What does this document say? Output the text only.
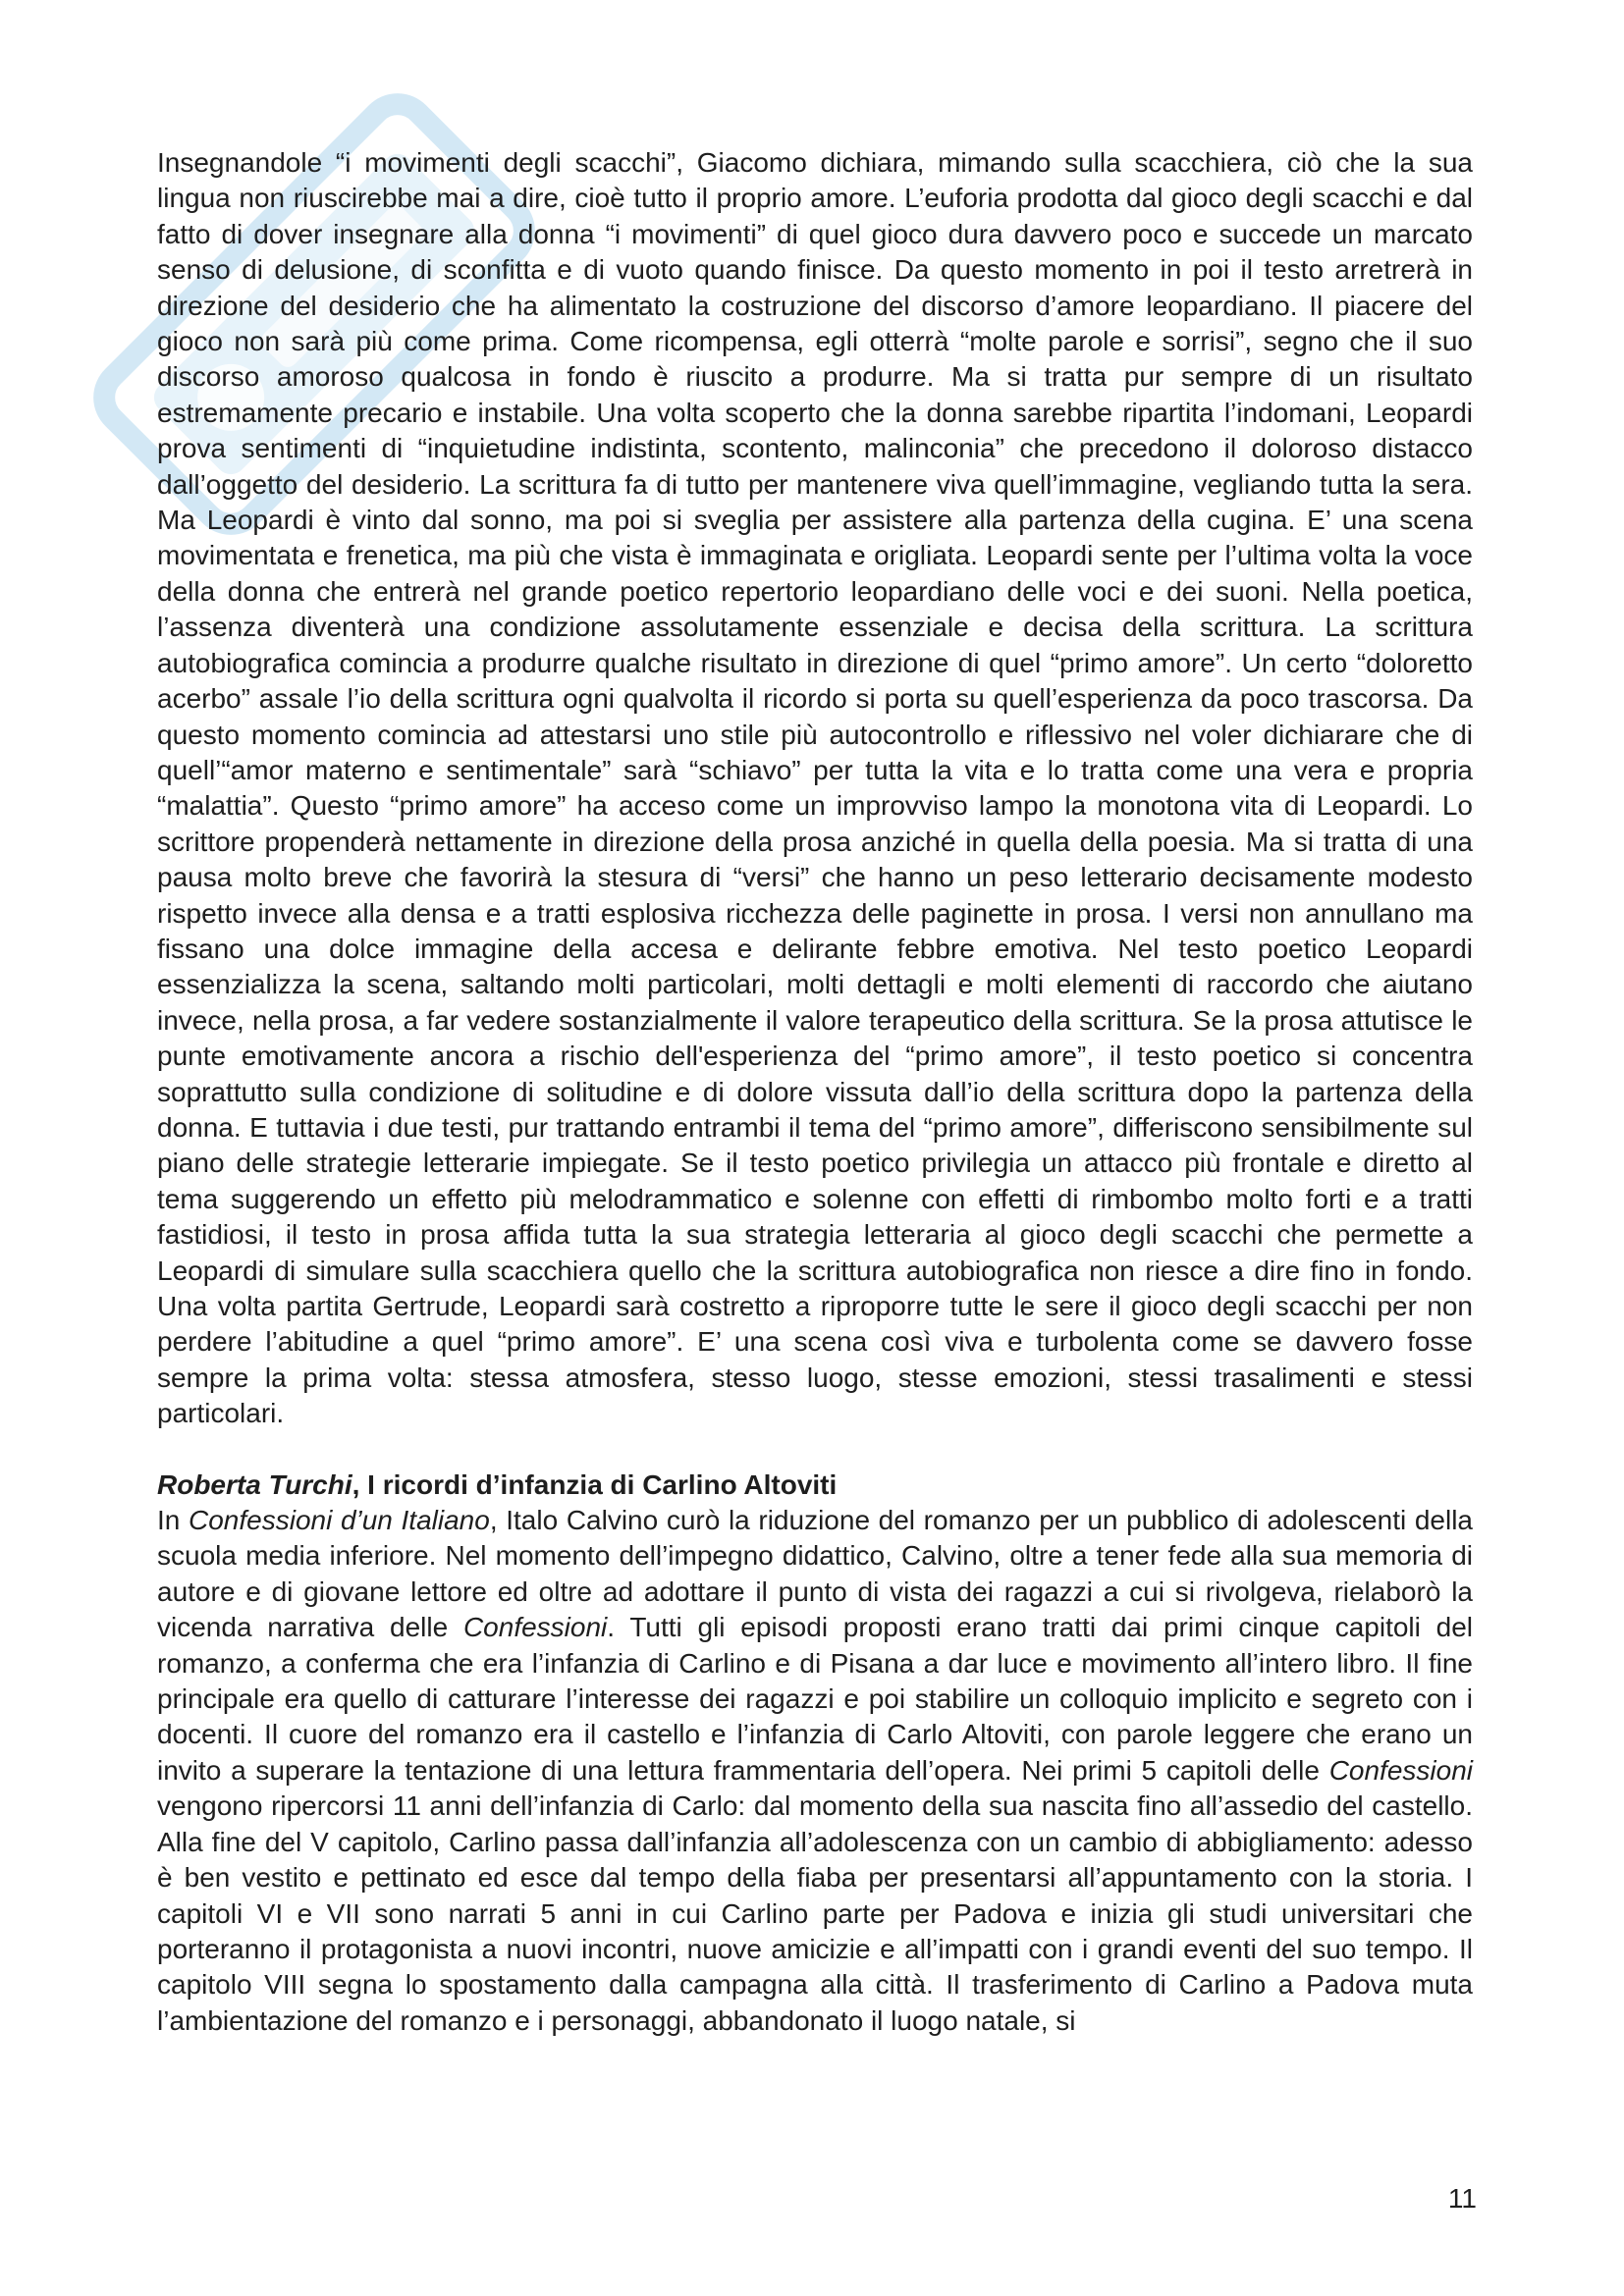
Insegnandole “i movimenti degli scacchi”, Giacomo dichiara, mimando sulla scacchiera, ciò che la sua lingua non riuscirebbe mai a dire, cioè tutto il proprio amore. L’euforia prodotta dal gioco degli scacchi e dal fatto di dover insegnare alla donna “i movimenti” di quel gioco dura davvero poco e succede un marcato senso di delusione, di sconfitta e di vuoto quando finisce. Da questo momento in poi il testo arretrerà in direzione del desiderio che ha alimentato la costruzione del discorso d’amore leopardiano. Il piacere del gioco non sarà più come prima. Come ricompensa, egli otterrà “molte parole e sorrisi”, segno che il suo discorso amoroso qualcosa in fondo è riuscito a produrre. Ma si tratta pur sempre di un risultato estremamente precario e instabile. Una volta scoperto che la donna sarebbe ripartita l’indomani, Leopardi prova sentimenti di “inquietudine indistinta, scontento, malinconia” che precedono il doloroso distacco dall’oggetto del desiderio. La scrittura fa di tutto per mantenere viva quell’immagine, vegliando tutta la sera. Ma Leopardi è vinto dal sonno, ma poi si sveglia per assistere alla partenza della cugina. E’ una scena movimentata e frenetica, ma più che vista è immaginata e origliata. Leopardi sente per l’ultima volta la voce della donna che entrerà nel grande poetico repertorio leopardiano delle voci e dei suoni. Nella poetica, l’assenza diventerà una condizione assolutamente essenziale e decisa della scrittura. La scrittura autobiografica comincia a produrre qualche risultato in direzione di quel “primo amore”. Un certo “doloretto acerbo” assale l’io della scrittura ogni qualvolta il ricordo si porta su quell’esperienza da poco trascorsa. Da questo momento comincia ad attestarsi uno stile più autocontrollo e riflessivo nel voler dichiarare che di quell’“amor materno e sentimentale” sarà “schiavo” per tutta la vita e lo tratta come una vera e propria “malattia”. Questo “primo amore” ha acceso come un improvviso lampo la monotona vita di Leopardi. Lo scrittore propenderà nettamente in direzione della prosa anziché in quella della poesia. Ma si tratta di una pausa molto breve che favorirà la stesura di “versi” che hanno un peso letterario decisamente modesto rispetto invece alla densa e a tratti esplosiva ricchezza delle paginette in prosa. I versi non annullano ma fissano una dolce immagine della accesa e delirante febbre emotiva. Nel testo poetico Leopardi essenzializza la scena, saltando molti particolari, molti dettagli e molti elementi di raccordo che aiutano invece, nella prosa, a far vedere sostanzialmente il valore terapeutico della scrittura. Se la prosa attutisce le punte emotivamente ancora a rischio dell'esperienza del “primo amore”, il testo poetico si concentra soprattutto sulla condizione di solitudine e di dolore vissuta dall’io della scrittura dopo la partenza della donna. E tuttavia i due testi, pur trattando entrambi il tema del “primo amore”, differiscono sensibilmente sul piano delle strategie letterarie impiegate. Se il testo poetico privilegia un attacco più frontale e diretto al tema suggerendo un effetto più melodrammatico e solenne con effetti di rimbombo molto forti e a tratti fastidiosi, il testo in prosa affida tutta la sua strategia letteraria al gioco degli scacchi che permette a Leopardi di simulare sulla scacchiera quello che la scrittura autobiografica non riesce a dire fino in fondo. Una volta partita Gertrude, Leopardi sarà costretto a riproporre tutte le sere il gioco degli scacchi per non perdere l’abitudine a quel “primo amore”. E’ una scena così viva e turbolenta come se davvero fosse sempre la prima volta: stessa atmosfera, stesso luogo, stesse emozioni, stessi trasalimenti e stessi particolari.

Roberta Turchi, I ricordi d’infanzia di Carlino Altoviti

In Confessioni d’un Italiano, Italo Calvino curò la riduzione del romanzo per un pubblico di adolescenti della scuola media inferiore. Nel momento dell’impegno didattico, Calvino, oltre a tener fede alla sua memoria di autore e di giovane lettore ed oltre ad adottare il punto di vista dei ragazzi a cui si rivolgeva, rielaborò la vicenda narrativa delle Confessioni. Tutti gli episodi proposti erano tratti dai primi cinque capitoli del romanzo, a conferma che era l’infanzia di Carlino e di Pisana a dar luce e movimento all’intero libro. Il fine principale era quello di catturare l’interesse dei ragazzi e poi stabilire un colloquio implicito e segreto con i docenti. Il cuore del romanzo era il castello e l’infanzia di Carlo Altoviti, con parole leggere che erano un invito a superare la tentazione di una lettura frammentaria dell’opera. Nei primi 5 capitoli delle Confessioni vengono ripercorsi 11 anni dell’infanzia di Carlo: dal momento della sua nascita fino all’assedio del castello. Alla fine del V capitolo, Carlino passa dall’infanzia all’adolescenza con un cambio di abbigliamento: adesso è ben vestito e pettinato ed esce dal tempo della fiaba per presentarsi all’appuntamento con la storia. I capitoli VI e VII sono narrati 5 anni in cui Carlino parte per Padova e inizia gli studi universitari che porteranno il protagonista a nuovi incontri, nuove amicizie e all’impatti con i grandi eventi del suo tempo. Il capitolo VIII segna lo spostamento dalla campagna alla città. Il trasferimento di Carlino a Padova muta l’ambientazione del romanzo e i personaggi, abbandonato il luogo natale, si

11
